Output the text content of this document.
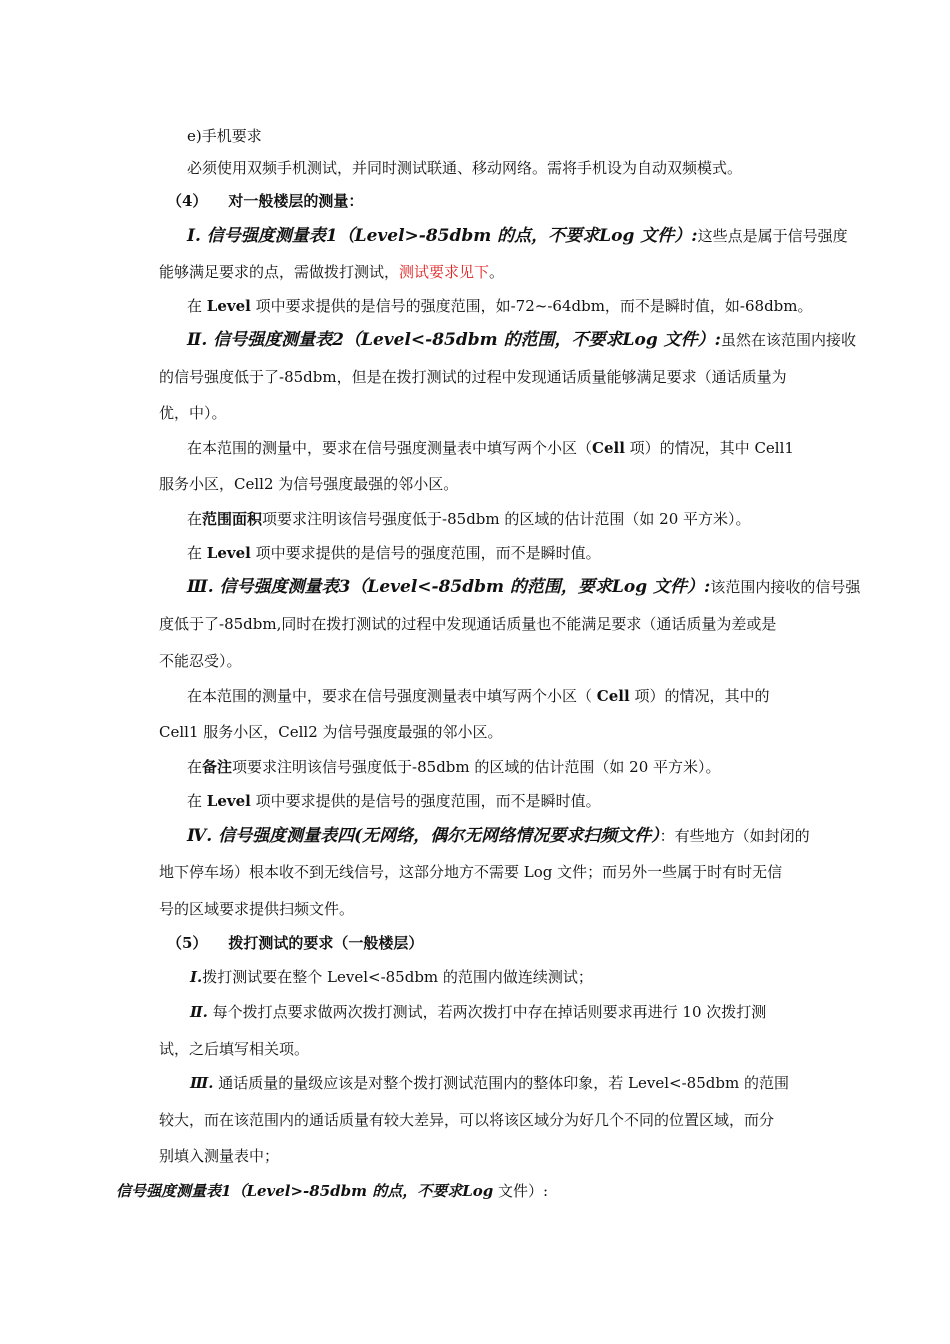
e)手机要求
必须使用双频手机测试，并同时测试联通、移动网络。需将手机设为自动双频模式。
（4） 对一般楼层的测量：
Ⅰ. 信号强度测量表1（Level>-85dbm 的点，不要求Log 文件）:这些点是属于信号强度
能够满足要求的点，需做拨打测试，测试要求见下。
在 Level 项中要求提供的是信号的强度范围，如-72~-64dbm，而不是瞬时值，如-68dbm。
Ⅱ. 信号强度测量表2（Level<-85dbm 的范围，不要求Log 文件）:虽然在该范围内接收
的信号强度低于了-85dbm，但是在拨打测试的过程中发现通话质量能够满足要求（通话质量为
优，中）。
在本范围的测量中，要求在信号强度测量表中填写两个小区（Cell 项）的情况，其中 Cell1
服务小区，Cell2 为信号强度最强的邻小区。
在范围面积项要求注明该信号强度低于-85dbm 的区域的估计范围（如 20 平方米）。
在 Level 项中要求提供的是信号的强度范围，而不是瞬时值。
Ⅲ. 信号强度测量表3（Level<-85dbm 的范围，要求Log 文件）:该范围内接收的信号强
度低于了-85dbm,同时在拨打测试的过程中发现通话质量也不能满足要求（通话质量为差或是
不能忍受）。
在本范围的测量中，要求在信号强度测量表中填写两个小区（ Cell 项）的情况，其中的
Cell1 服务小区，Cell2 为信号强度最强的邻小区。
在备注项要求注明该信号强度低于-85dbm 的区域的估计范围（如 20 平方米）。
在 Level 项中要求提供的是信号的强度范围，而不是瞬时值。
Ⅳ. 信号强度测量表四(无网络，偶尔无网络情况要求扫频文件）：有些地方（如封闭的
地下停车场）根本收不到无线信号，这部分地方不需要 Log 文件；而另外一些属于时有时无信
号的区域要求提供扫频文件。
（5） 拨打测试的要求（一般楼层）
Ⅰ.拨打测试要在整个 Level<-85dbm 的范围内做连续测试；
Ⅱ. 每个拨打点要求做两次拨打测试，若两次拨打中存在掉话则要求再进行 10 次拨打测
试，之后填写相关项。
Ⅲ. 通话质量的量级应该是对整个拨打测试范围内的整体印象，若 Level<-85dbm 的范围
较大，而在该范围内的通话质量有较大差异，可以将该区域分为好几个不同的位置区域，而分
别填入测量表中；
信号强度测量表1（Level>-85dbm 的点，不要求Log 文件）:
